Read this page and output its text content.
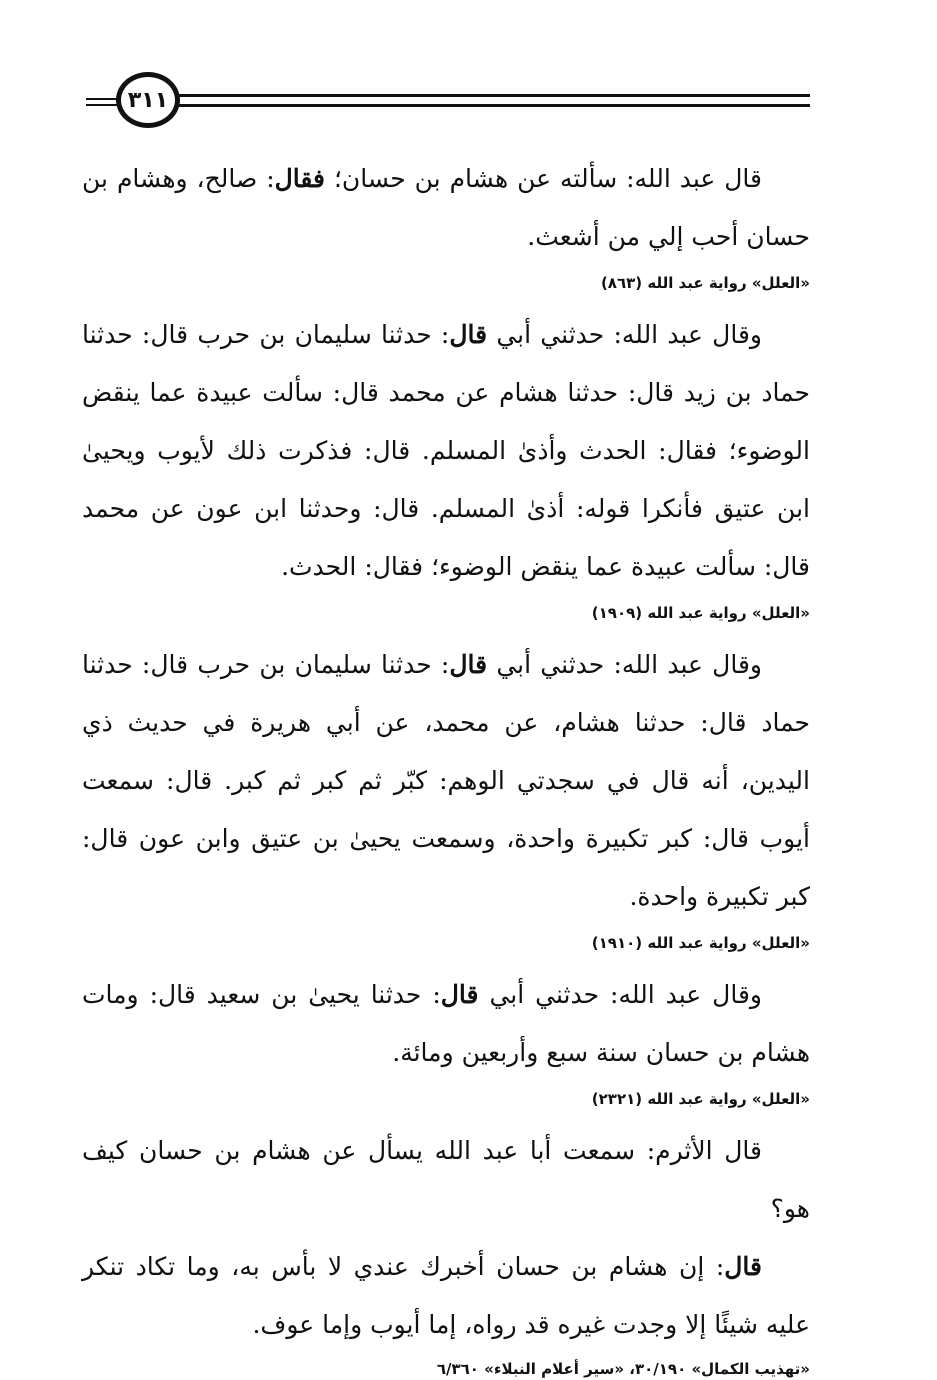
٣١١

قال عبد الله: سألته عن هشام بن حسان؛ فقال: صالح، وهشام بن حسان أحب إلي من أشعث.

«العلل» رواية عبد الله (٨٦٣)

وقال عبد الله: حدثني أبي قال: حدثنا سليمان بن حرب قال: حدثنا حماد بن زيد قال: حدثنا هشام عن محمد قال: سألت عبيدة عما ينقض الوضوء؛ فقال: الحدث وأذىٰ المسلم. قال: فذكرت ذلك لأيوب ويحيىٰ ابن عتيق فأنكرا قوله: أذىٰ المسلم. قال: وحدثنا ابن عون عن محمد قال: سألت عبيدة عما ينقض الوضوء؛ فقال: الحدث.

«العلل» رواية عبد الله (١٩٠٩)

وقال عبد الله: حدثني أبي قال: حدثنا سليمان بن حرب قال: حدثنا حماد قال: حدثنا هشام، عن محمد، عن أبي هريرة في حديث ذي اليدين، أنه قال في سجدتي الوهم: كبّر ثم كبر ثم كبر. قال: سمعت أيوب قال: كبر تكبيرة واحدة، وسمعت يحيىٰ بن عتيق وابن عون قال: كبر تكبيرة واحدة.

«العلل» رواية عبد الله (١٩١٠)

وقال عبد الله: حدثني أبي قال: حدثنا يحيىٰ بن سعيد قال: ومات هشام بن حسان سنة سبع وأربعين ومائة.

«العلل» رواية عبد الله (٢٣٢١)

قال الأثرم: سمعت أبا عبد الله يسأل عن هشام بن حسان كيف هو؟

قال: إن هشام بن حسان أخبرك عندي لا بأس به، وما تكاد تنكر عليه شيئًا إلا وجدت غيره قد رواه، إما أيوب وإما عوف.

«تهذيب الكمال» ٣٠/١٩٠، «سير أعلام النبلاء» ٦/٣٦٠
